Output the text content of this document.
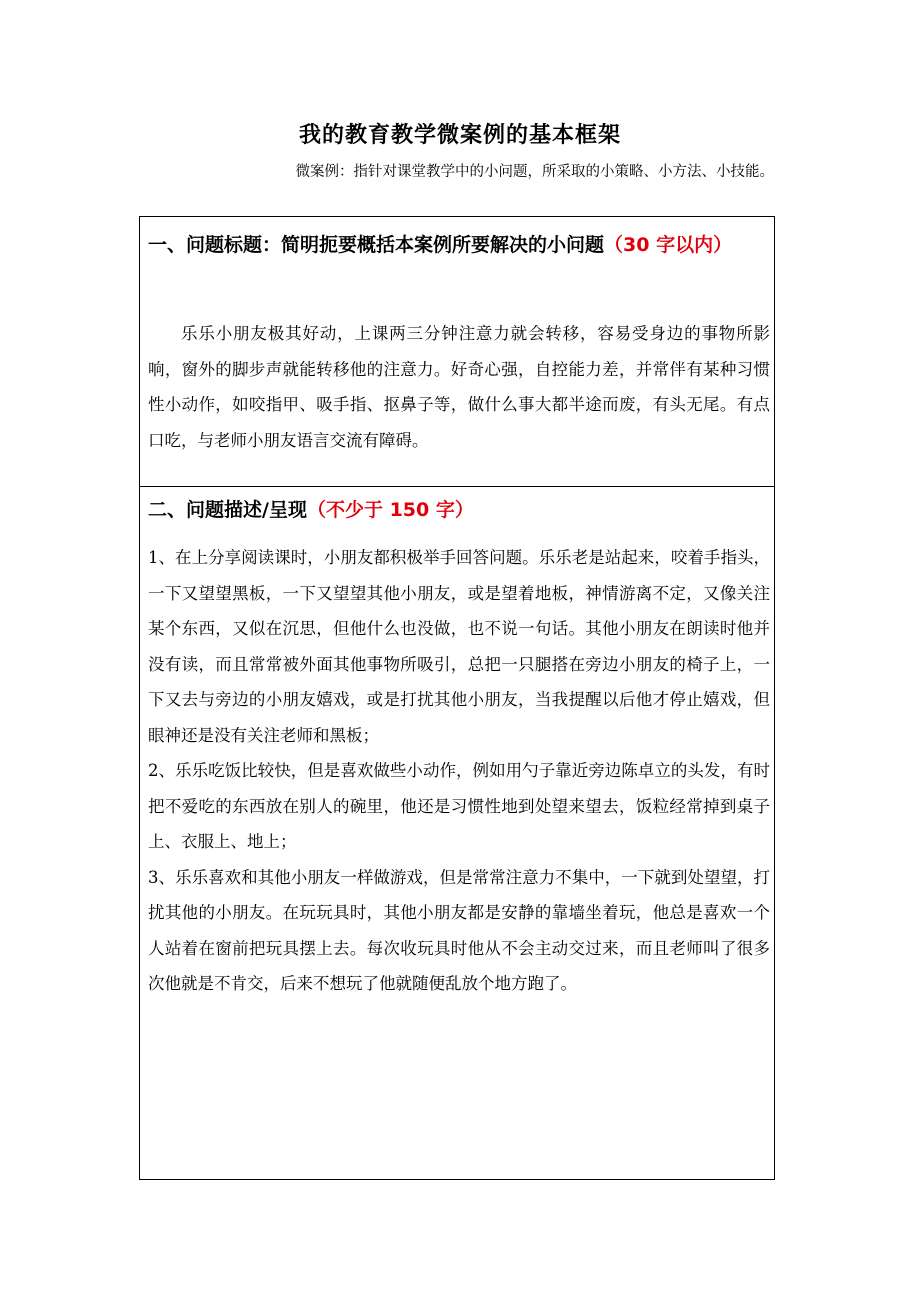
我的教育教学微案例的基本框架
微案例：指针对课堂教学中的小问题，所采取的小策略、小方法、小技能。
一、问题标题：简明扼要概括本案例所要解决的小问题（30 字以内）

乐乐小朋友极其好动，上课两三分钟注意力就会转移，容易受身边的事物所影响，窗外的脚步声就能转移他的注意力。好奇心强，自控能力差，并常伴有某种习惯性小动作，如咬指甲、吸手指、抠鼻子等，做什么事大都半途而废，有头无尾。有点口吃，与老师小朋友语言交流有障碍。

二、问题描述/呈现（不少于 150 字）

1、在上分享阅读课时，小朋友都积极举手回答问题。乐乐老是站起来，咬着手指头，一下又望望黑板，一下又望望其他小朋友，或是望着地板，神情游离不定，又像关注某个东西，又似在沉思，但他什么也没做，也不说一句话。其他小朋友在朗读时他并没有读，而且常常被外面其他事物所吸引，总把一只腿搭在旁边小朋友的椅子上，一下又去与旁边的小朋友嬉戏，或是打扰其他小朋友，当我提醒以后他才停止嬉戏，但眼神还是没有关注老师和黑板；

2、乐乐吃饭比较快，但是喜欢做些小动作，例如用勺子靠近旁边陈卓立的头发，有时把不爱吃的东西放在别人的碗里，他还是习惯性地到处望来望去，饭粒经常掉到桌子上、衣服上、地上；

3、乐乐喜欢和其他小朋友一样做游戏，但是常常注意力不集中，一下就到处望望，打扰其他的小朋友。在玩玩具时，其他小朋友都是安静的靠墙坐着玩，他总是喜欢一个人站着在窗前把玩具摆上去。每次收玩具时他从不会主动交过来，而且老师叫了很多次他就是不肯交，后来不想玩了他就随便乱放个地方跑了。
